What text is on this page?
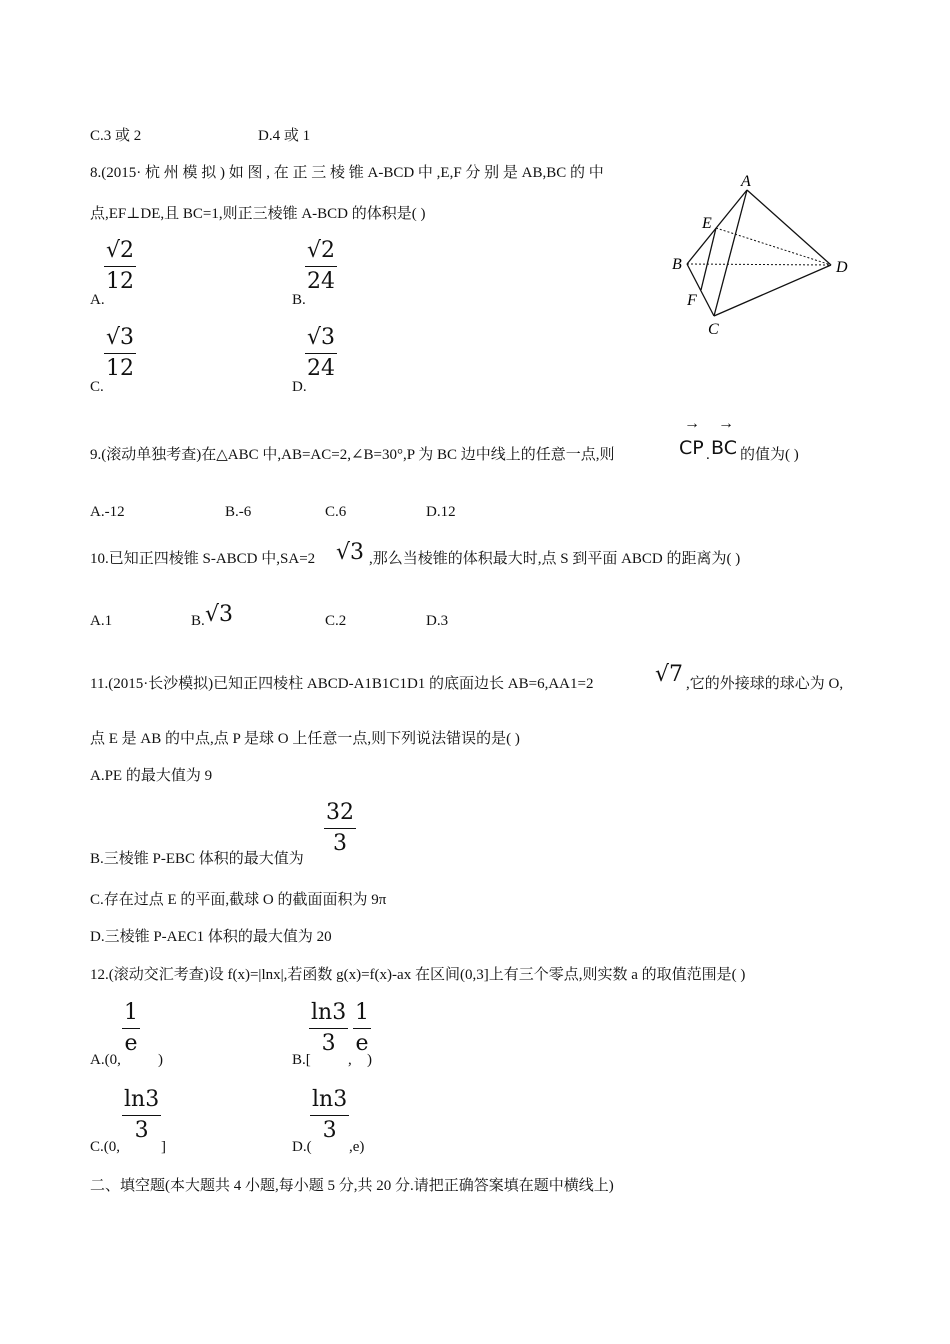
C.3 或 2	D.4 或 1
8.(2015· 杭 州 模 拟 ) 如 图 , 在 正 三 棱 锥 A-BCD 中 ,E,F 分 别 是 AB,BC 的 中
点,EF⊥DE,且 BC=1,则正三棱锥 A-BCD 的体积是( )
A.
√2
12
B.
√2
24
C.
√3
12
D.
√3
24
A
B
C
D
E
F
9.(滚动单独考查)在△ABC 中,AB=AC=2,∠B=30°,P 为 BC 边中线上的任意一点,则
→
CP .
→
BC 的值为( )
A.-12	B.-6	C.6	D.12
10.已知正四棱锥 S-ABCD 中,SA=2 √3 ,那么当棱锥的体积最大时,点 S 到平面 ABCD 的距离为( )
A.1	B. √3	C.2	D.3
11.(2015·长沙模拟)已知正四棱柱 ABCD-A1B1C1D1 的底面边长 AB=6,AA1=2	√7 ,它的外接球的球心为 O,
点 E 是 AB 的中点,点 P 是球 O 上任意一点,则下列说法错误的是( )
A.PE 的最大值为 9
B.三棱锥 P-EBC 体积的最大值为
32
3
C.存在过点 E 的平面,截球 O 的截面面积为 9π
D.三棱锥 P-AEC1 体积的最大值为 20
12.(滚动交汇考查)设 f(x)=|lnx|,若函数 g(x)=f(x)-ax 在区间(0,3]上有三个零点,则实数 a 的取值范围是( )
A.(0,
1
e
)	B.[
ln3
3
,
1
e
)
C.(0,
ln3
3
]	D.(
ln3
3
,e)
二、填空题(本大题共 4 小题,每小题 5 分,共 20 分.请把正确答案填在题中横线上)
